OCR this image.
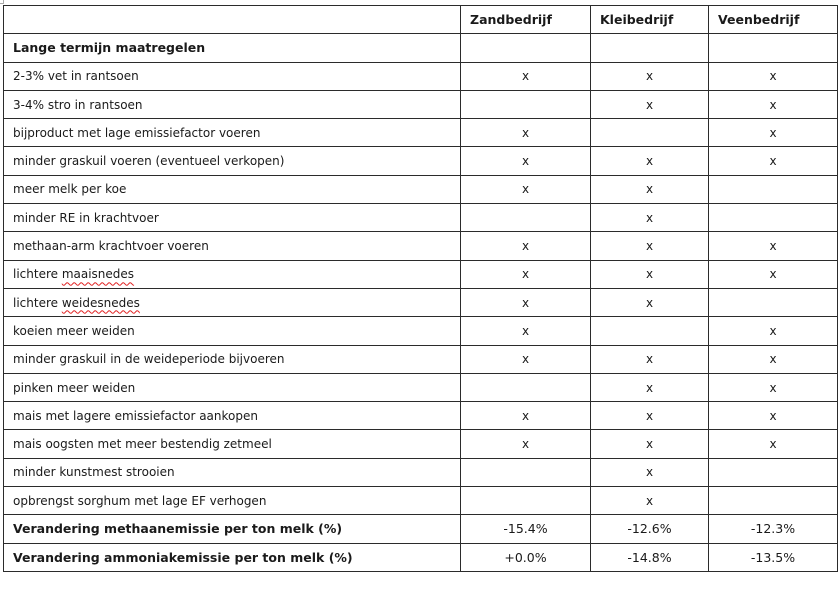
	Zandbedrijf	Kleibedrijf	Veenbedrijf
Lange termijn maatregelen			
2-3% vet in rantsoen	x	x	x
3-4% stro in rantsoen		x	x
bijproduct met lage emissiefactor voeren	x		x
minder graskuil voeren (eventueel verkopen)	x	x	x
meer melk per koe	x	x	
minder RE in krachtvoer		x	
methaan-arm krachtvoer voeren	x	x	x
lichtere maaisnedes	x	x	x
lichtere weidesnedes	x	x	
koeien meer weiden	x		x
minder graskuil in de weideperiode bijvoeren	x	x	x
pinken meer weiden		x	x
mais met lagere emissiefactor aankopen	x	x	x
mais oogsten met meer bestendig zetmeel	x	x	x
minder kunstmest strooien		x	
opbrengst sorghum met lage EF verhogen		x	
Verandering methaanemissie per ton melk (%)	-15.4%	-12.6%	-12.3%
Verandering ammoniakemissie per ton melk (%)	+0.0%	-14.8%	-13.5%
